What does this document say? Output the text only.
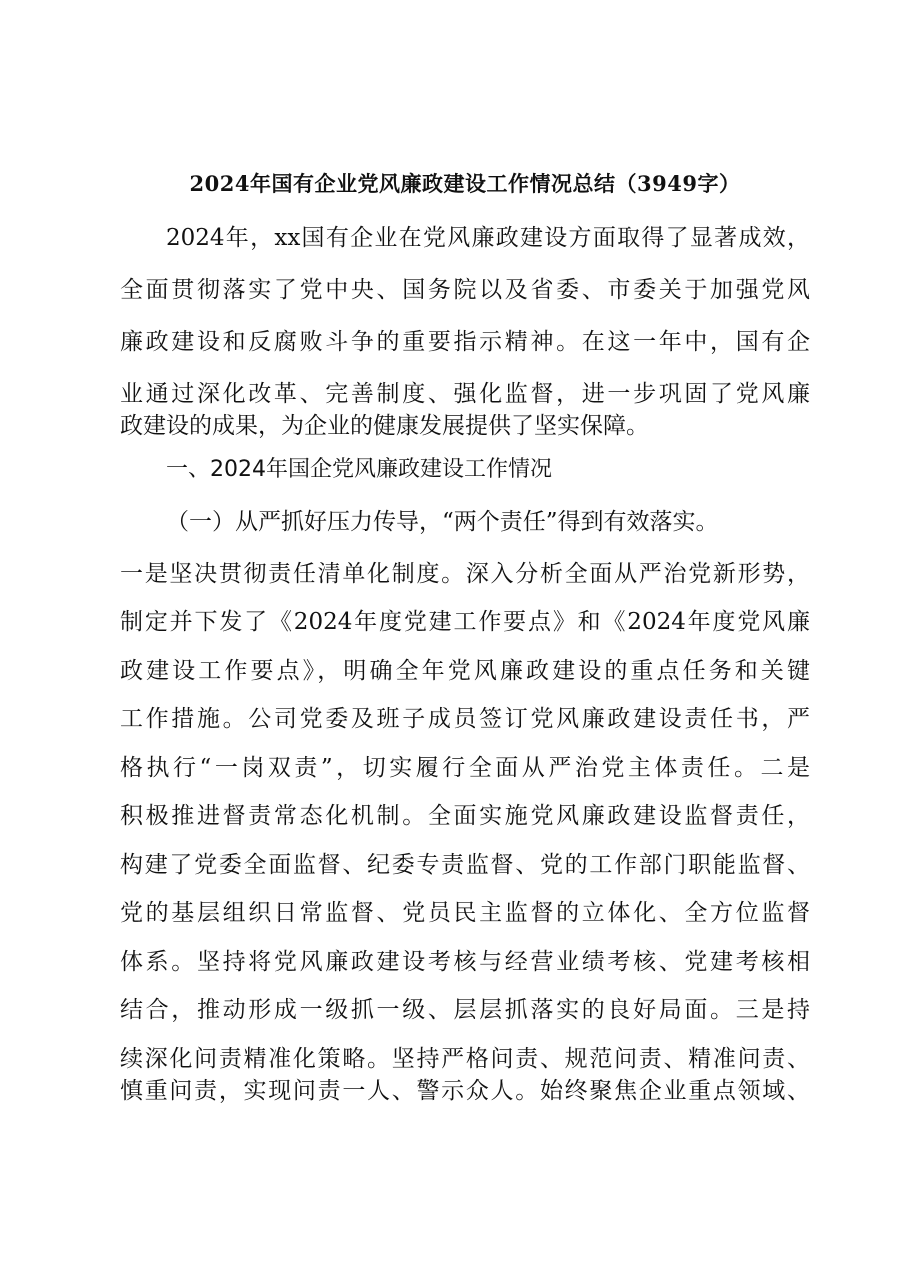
2024年国有企业党风廉政建设工作情况总结（3949字）
2024年，xx国有企业在党风廉政建设方面取得了显著成效，
全面贯彻落实了党中央、国务院以及省委、市委关于加强党风
廉政建设和反腐败斗争的重要指示精神。在这一年中，国有企
业通过深化改革、完善制度、强化监督，进一步巩固了党风廉
政建设的成果，为企业的健康发展提供了坚实保障。
一、2024年国企党风廉政建设工作情况
（一）从严抓好压力传导，“两个责任”得到有效落实。
一是坚决贯彻责任清单化制度。深入分析全面从严治党新形势，
制定并下发了《2024年度党建工作要点》和《2024年度党风廉
政建设工作要点》，明确全年党风廉政建设的重点任务和关键
工作措施。公司党委及班子成员签订党风廉政建设责任书，严
格执行“一岗双责”，切实履行全面从严治党主体责任。二是
积极推进督责常态化机制。全面实施党风廉政建设监督责任，
构建了党委全面监督、纪委专责监督、党的工作部门职能监督、
党的基层组织日常监督、党员民主监督的立体化、全方位监督
体系。坚持将党风廉政建设考核与经营业绩考核、党建考核相
结合，推动形成一级抓一级、层层抓落实的良好局面。三是持
续深化问责精准化策略。坚持严格问责、规范问责、精准问责、
慎重问责，实现问责一人、警示众人。始终聚焦企业重点领域、
